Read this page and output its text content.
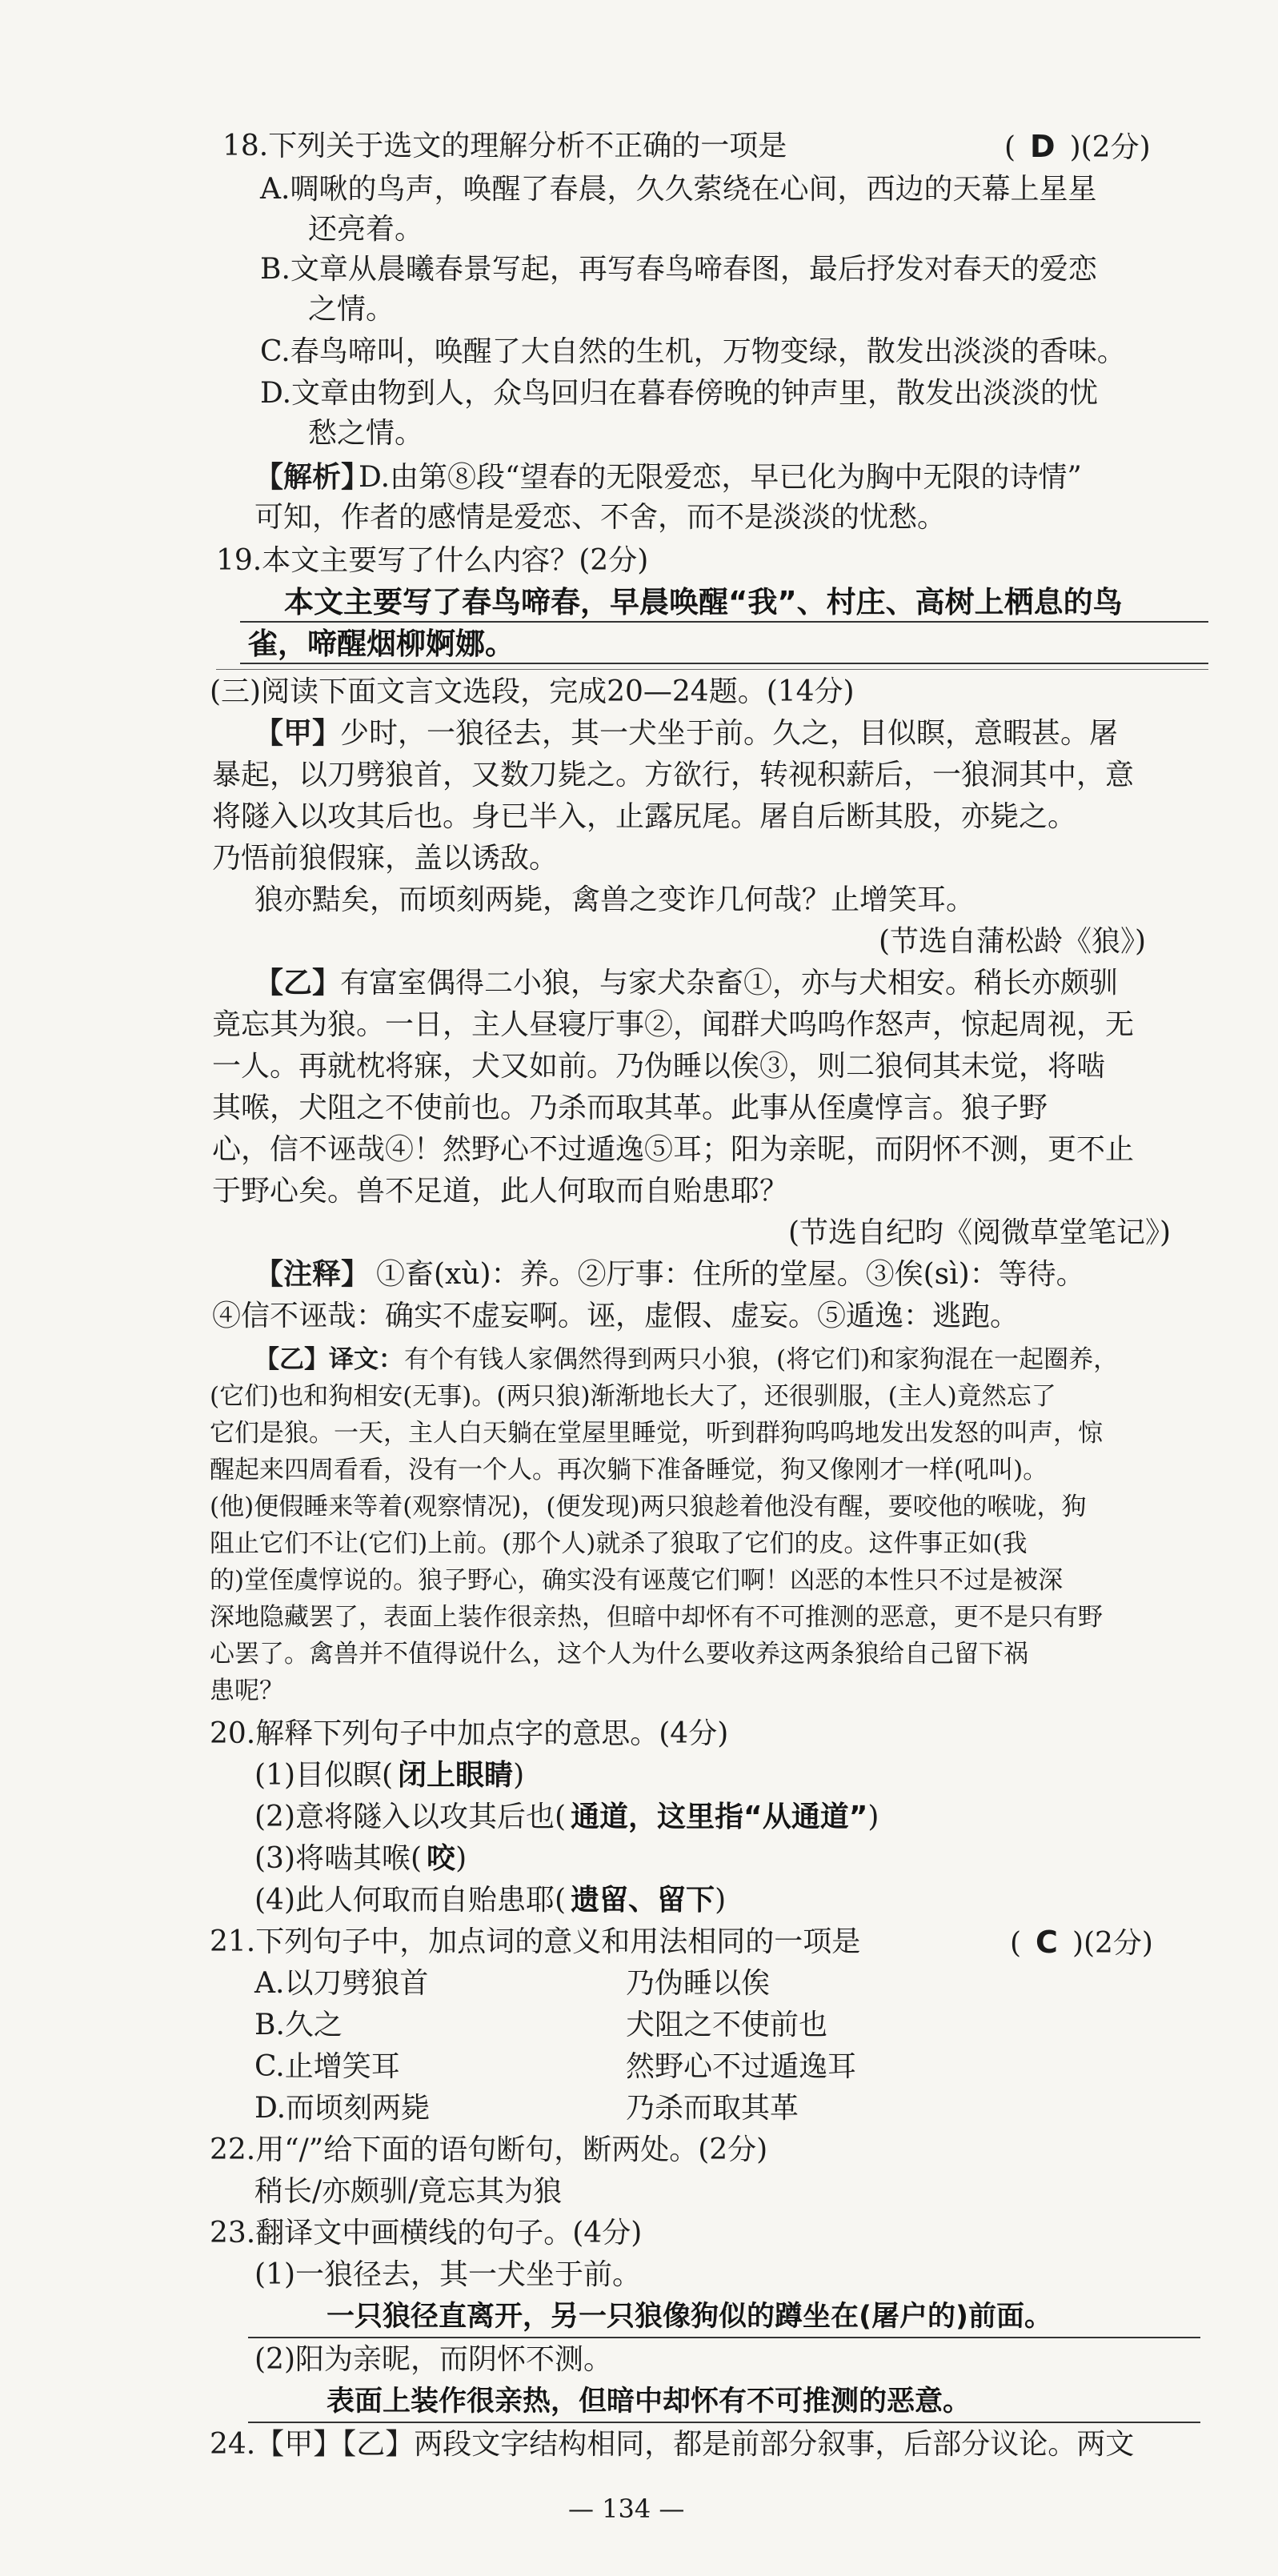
18.下列关于选文的理解分析不正确的一项是	( D )(2分)
A.啁啾的鸟声，唤醒了春晨，久久萦绕在心间，西边的天幕上星星
还亮着。
B.文章从晨曦春景写起，再写春鸟啼春图，最后抒发对春天的爱恋
之情。
C.春鸟啼叫，唤醒了大自然的生机，万物变绿，散发出淡淡的香味。
D.文章由物到人，众鸟回归在暮春傍晚的钟声里，散发出淡淡的忧
愁之情。
【解析】
D.由第⑧段“望春的无限爱恋，早已化为胸中无限的诗情”
可知，作者的感情是爱恋、不舍，而不是淡淡的忧愁。
19.本文主要写了什么内容？(2分)
本文主要写了春鸟啼春，早晨唤醒“我”、村庄、高树上栖息的鸟
雀，啼醒烟柳婀娜。
(三)阅读下面文言文选段，完成20—24题。(14分)
【甲】
少时，一狼径去，其一犬坐于前。久之，目似瞑，意暇甚。屠
暴起，以刀劈狼首，又数刀毙之。方欲行，转视积薪后，一狼洞其中，意
将隧入以攻其后也。身已半入，止露尻尾。屠自后断其股，亦毙之。
乃悟前狼假寐，盖以诱敌。
狼亦黠矣，而顷刻两毙，禽兽之变诈几何哉？止增笑耳。
(节选自蒲松龄《狼》)
【乙】
有富室偶得二小狼，与家犬杂畜①，亦与犬相安。稍长亦颇驯
竟忘其为狼。一日，主人昼寝厅事②，闻群犬呜呜作怒声，惊起周视，无
一人。再就枕将寐，犬又如前。乃伪睡以俟③，则二狼伺其未觉，将啮
其喉，犬阻之不使前也。乃杀而取其革。此事从侄虞惇言。狼子野
心，信不诬哉④！然野心不过遁逸⑤耳；阳为亲昵，而阴怀不测，更不止
于野心矣。兽不足道，此人何取而自贻患耶？
(节选自纪昀《阅微草堂笔记》)
【注释】 ①畜(xù)：养。②厅事：住所的堂屋。③俟(sì)：等待。
④信不诬哉：确实不虚妄啊。诬，虚假、虚妄。⑤遁逸：逃跑。
【乙】译文： 有个有钱人家偶然得到两只小狼，(将它们)和家狗混在一起圈养，
(它们)也和狗相安(无事)。(两只狼)渐渐地长大了，还很驯服，(主人)竟然忘了
它们是狼。一天，主人白天躺在堂屋里睡觉，听到群狗呜呜地发出发怒的叫声，惊
醒起来四周看看，没有一个人。再次躺下准备睡觉，狗又像刚才一样(吼叫)。
(他)便假睡来等着(观察情况)，(便发现)两只狼趁着他没有醒，要咬他的喉咙，狗
阻止它们不让(它们)上前。(那个人)就杀了狼取了它们的皮。这件事正如(我
的)堂侄虞惇说的。狼子野心，确实没有诬蔑它们啊！凶恶的本性只不过是被深
深地隐藏罢了，表面上装作很亲热，但暗中却怀有不可推测的恶意，更不是只有野
心罢了。禽兽并不值得说什么，这个人为什么要收养这两条狼给自己留下祸
患呢？
20.解释下列句子中加点字的意思。(4分)
(1)目似瞑( 闭上眼睛)
(2)意将隧入以攻其后也( 通道，这里指“从通道”)
(3)将啮其喉( 咬)
(4)此人何取而自贻患耶( 遗留、留下)
21.下列句子中，加点词的意义和用法相同的一项是	( C )(2分)
A.以刀劈狼首	乃伪睡以俟
B.久之	犬阻之不使前也
C.止增笑耳	然野心不过遁逸耳
D.而顷刻两毙	乃杀而取其革
22.用“/”给下面的语句断句，断两处。(2分)
稍长/亦颇驯/竟忘其为狼
23.翻译文中画横线的句子。(4分)
(1)一狼径去，其一犬坐于前。
一只狼径直离开，另一只狼像狗似的蹲坐在(屠户的)前面。
(2)阳为亲昵，而阴怀不测。
表面上装作很亲热，但暗中却怀有不可推测的恶意。
24.【甲】【乙】两段文字结构相同，都是前部分叙事，后部分议论。两文
— 134 —
